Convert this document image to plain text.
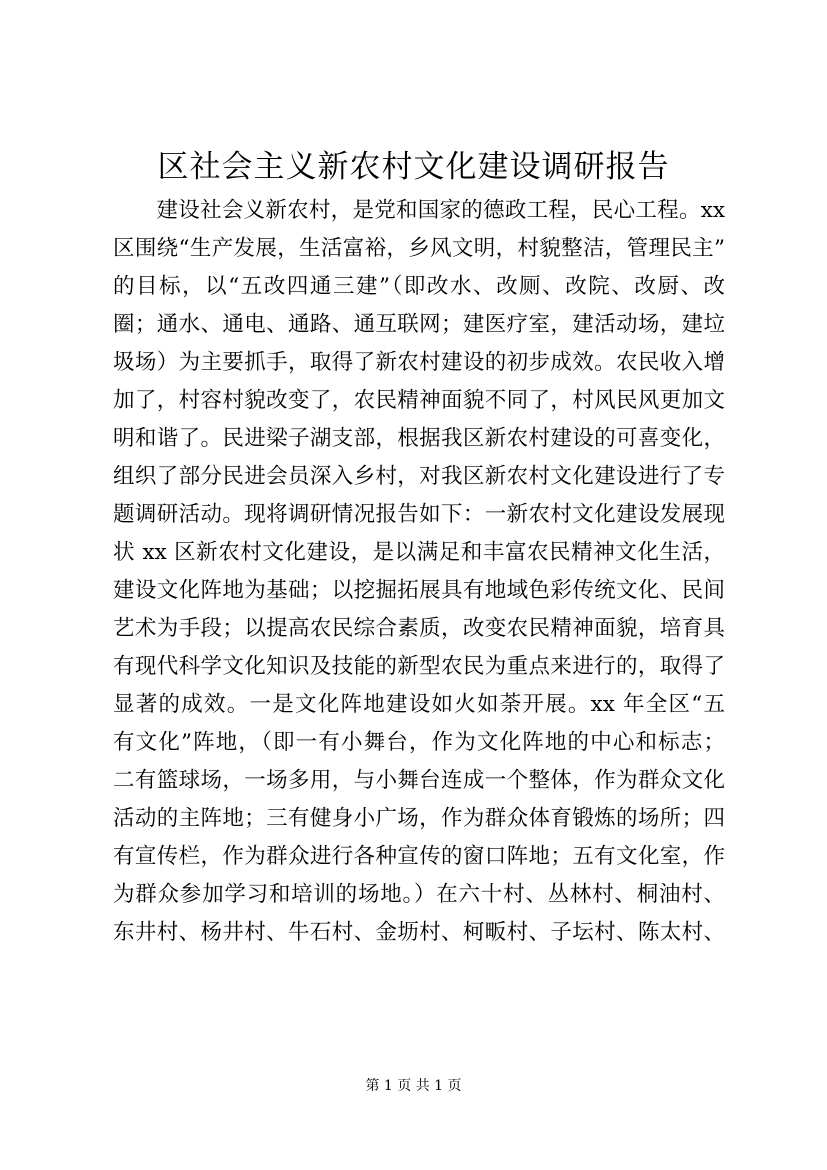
区社会主义新农村文化建设调研报告
　　建设社会义新农村，是党和国家的德政工程，民心工程。xx
区围绕“生产发展，生活富裕，乡风文明，村貌整洁，管理民主”
的目标，以“五改四通三建”（即改水、改厕、改院、改厨、改
圈；通水、通电、通路、通互联网；建医疗室，建活动场，建垃
圾场）为主要抓手，取得了新农村建设的初步成效。农民收入增
加了，村容村貌改变了，农民精神面貌不同了，村风民风更加文
明和谐了。民进梁子湖支部，根据我区新农村建设的可喜变化，
组织了部分民进会员深入乡村，对我区新农村文化建设进行了专
题调研活动。现将调研情况报告如下：一新农村文化建设发展现
状 xx 区新农村文化建设，是以满足和丰富农民精神文化生活，
建设文化阵地为基础；以挖掘拓展具有地域色彩传统文化、民间
艺术为手段；以提高农民综合素质，改变农民精神面貌，培育具
有现代科学文化知识及技能的新型农民为重点来进行的，取得了
显著的成效。一是文化阵地建设如火如荼开展。xx 年全区“五
有文化”阵地，（即一有小舞台，作为文化阵地的中心和标志；
二有篮球场，一场多用，与小舞台连成一个整体，作为群众文化
活动的主阵地；三有健身小广场，作为群众体育锻炼的场所；四
有宣传栏，作为群众进行各种宣传的窗口阵地；五有文化室，作
为群众参加学习和培训的场地。）在六十村、丛林村、桐油村、
东井村、杨井村、牛石村、金坜村、柯畈村、子坛村、陈太村、
第 1 页 共 1 页
